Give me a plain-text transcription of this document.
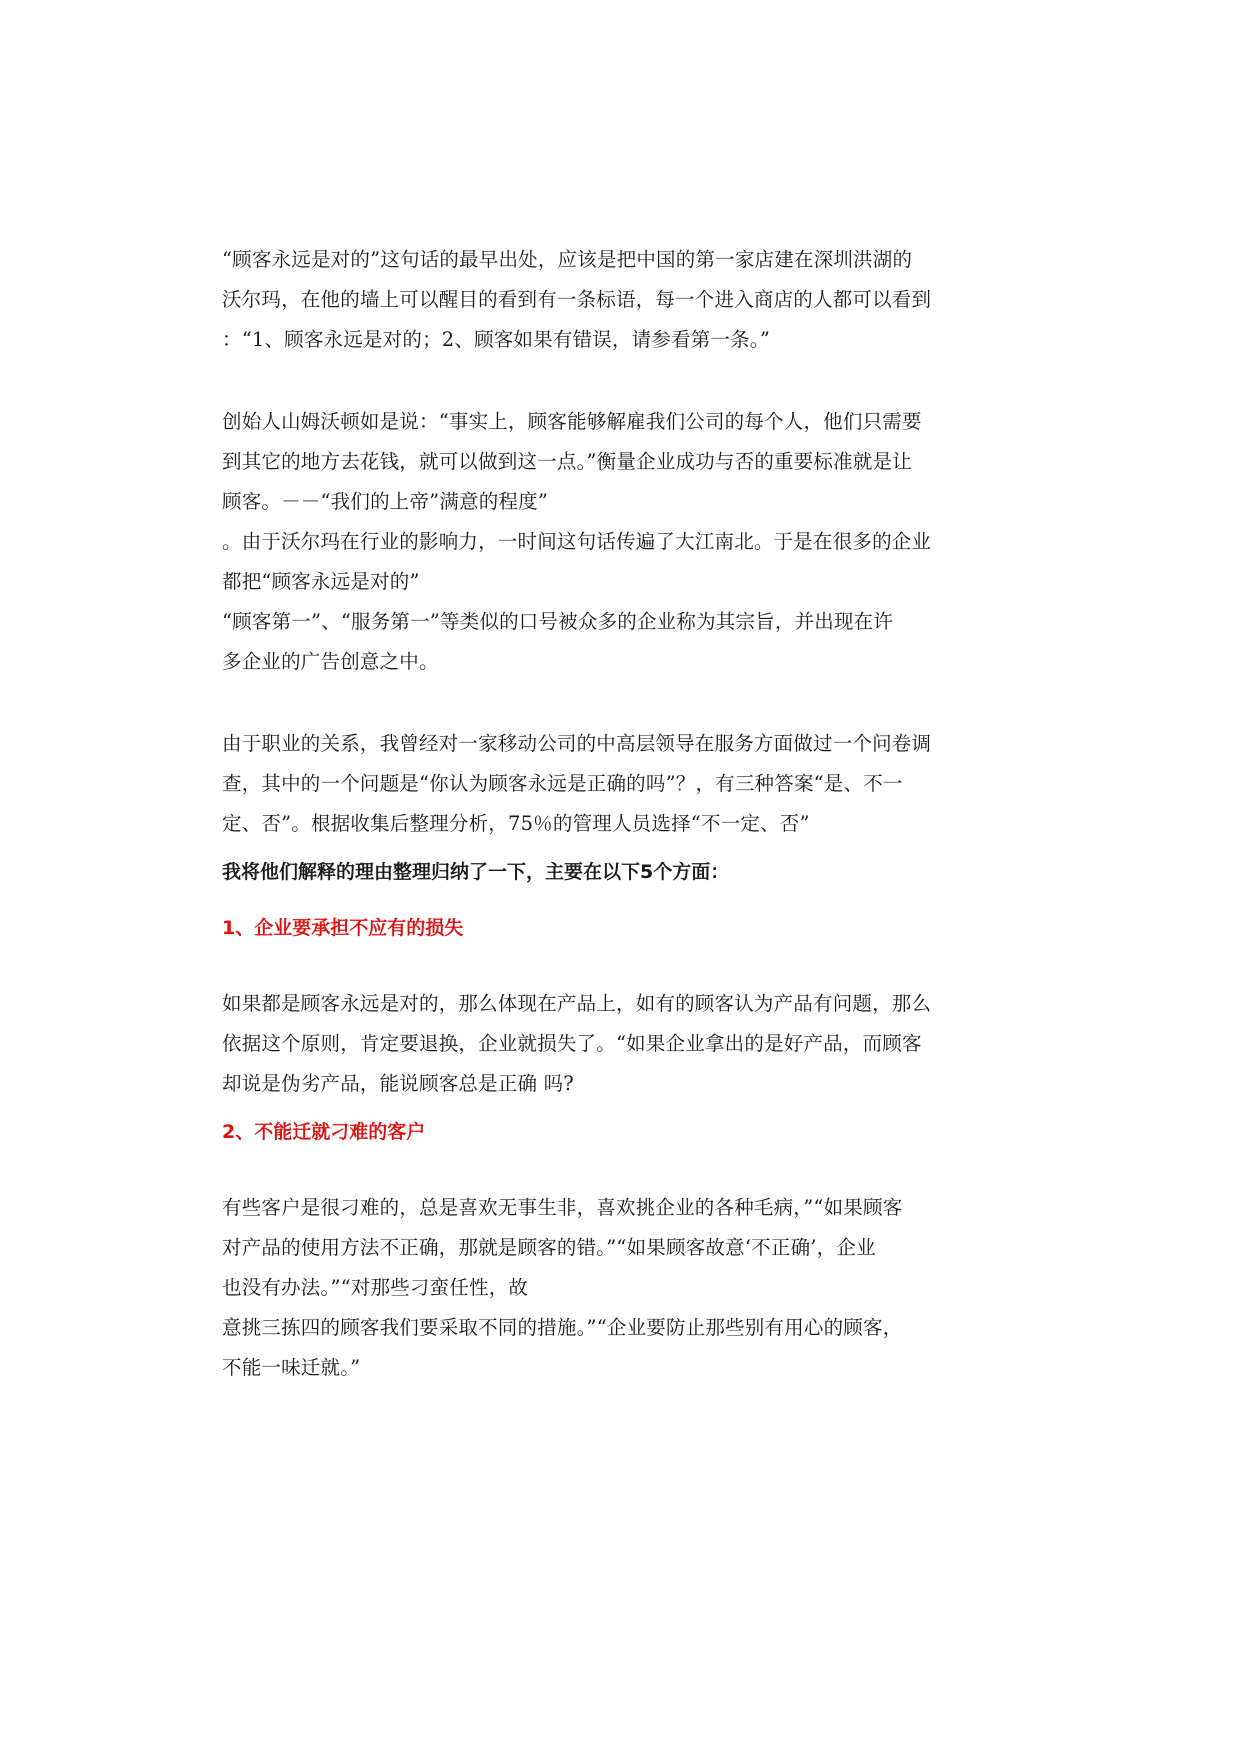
“顾客永远是对的”这句话的最早出处，应该是把中国的第一家店建在深圳洪湖的
沃尔玛，在他的墙上可以醒目的看到有一条标语，每一个进入商店的人都可以看到
：“1、顾客永远是对的；2、顾客如果有错误，请参看第一条。”
创始人山姆沃顿如是说：“事实上，顾客能够解雇我们公司的每个人，他们只需要
到其它的地方去花钱，就可以做到这一点。”衡量企业成功与否的重要标准就是让
顾客。－－“我们的上帝”满意的程度”
。由于沃尔玛在行业的影响力，一时间这句话传遍了大江南北。于是在很多的企业
都把“顾客永远是对的”
“顾客第一”、“服务第一”等类似的口号被众多的企业称为其宗旨，并出现在许
多企业的广告创意之中。
由于职业的关系，我曾经对一家移动公司的中高层领导在服务方面做过一个问卷调
查，其中的一个问题是“你认为顾客永远是正确的吗”？，有三种答案“是、不一
定、否”。根据收集后整理分析，75％的管理人员选择“不一定、否”
我将他们解释的理由整理归纳了一下，主要在以下5个方面：
1、企业要承担不应有的损失
如果都是顾客永远是对的，那么体现在产品上，如有的顾客认为产品有问题，那么
依据这个原则，肯定要退换，企业就损失了。“如果企业拿出的是好产品，而顾客
却说是伪劣产品，能说顾客总是正确 吗?
2、不能迁就刁难的客户
有些客户是很刁难的，总是喜欢无事生非，喜欢挑企业的各种毛病，”“如果顾客
对产品的使用方法不正确，那就是顾客的错。”“如果顾客故意‘不正确’，企业
也没有办法。”“对那些刁蛮任性，故
意挑三拣四的顾客我们要采取不同的措施。”“企业要防止那些别有用心的顾客，
不能一味迁就。”
